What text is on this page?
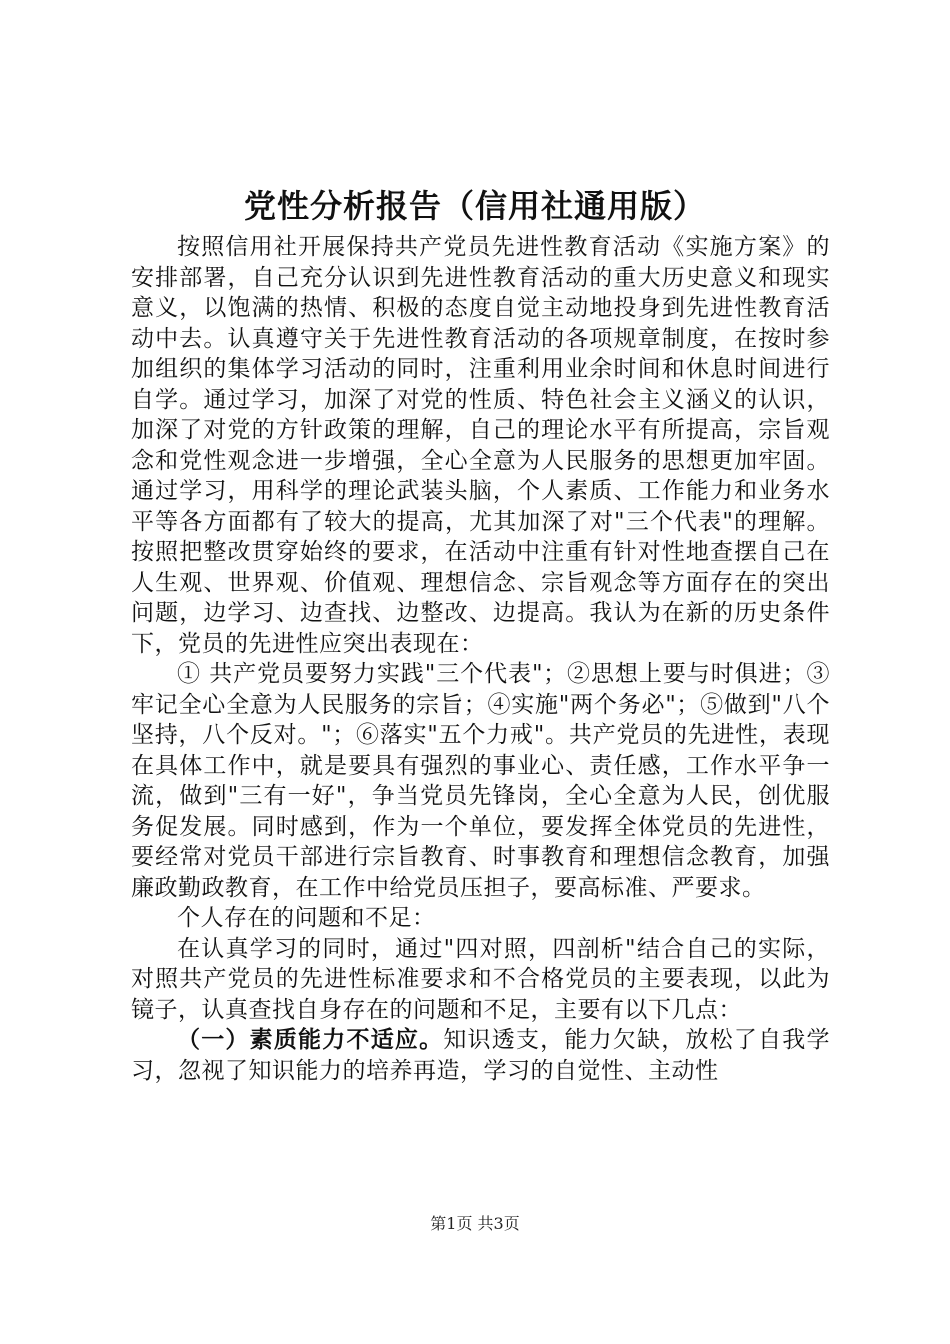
党性分析报告（信用社通用版）

按照信用社开展保持共产党员先进性教育活动《实施方案》的安排部署，自己充分认识到先进性教育活动的重大历史意义和现实意义，以饱满的热情、积极的态度自觉主动地投身到先进性教育活动中去。认真遵守关于先进性教育活动的各项规章制度，在按时参加组织的集体学习活动的同时，注重利用业余时间和休息时间进行自学。通过学习，加深了对党的性质、特色社会主义涵义的认识，加深了对党的方针政策的理解，自己的理论水平有所提高，宗旨观念和党性观念进一步增强，全心全意为人民服务的思想更加牢固。通过学习，用科学的理论武装头脑，个人素质、工作能力和业务水平等各方面都有了较大的提高，尤其加深了对"三个代表"的理解。按照把整改贯穿始终的要求，在活动中注重有针对性地查摆自己在人生观、世界观、价值观、理想信念、宗旨观念等方面存在的突出问题，边学习、边查找、边整改、边提高。我认为在新的历史条件下，党员的先进性应突出表现在：

① 共产党员要努力实践"三个代表"；②思想上要与时俱进；③牢记全心全意为人民服务的宗旨；④实施"两个务必"；⑤做到"八个坚持，八个反对。"；⑥落实"五个力戒"。共产党员的先进性，表现在具体工作中，就是要具有强烈的事业心、责任感，工作水平争一流，做到"三有一好"，争当党员先锋岗，全心全意为人民，创优服务促发展。同时感到，作为一个单位，要发挥全体党员的先进性，要经常对党员干部进行宗旨教育、时事教育和理想信念教育，加强廉政勤政教育，在工作中给党员压担子，要高标准、严要求。

个人存在的问题和不足：

在认真学习的同时，通过"四对照，四剖析"结合自己的实际，对照共产党员的先进性标准要求和不合格党员的主要表现，以此为镜子，认真查找自身存在的问题和不足，主要有以下几点：

（一）素质能力不适应。知识透支，能力欠缺，放松了自我学习，忽视了知识能力的培养再造，学习的自觉性、主动性

第1页 共3页
